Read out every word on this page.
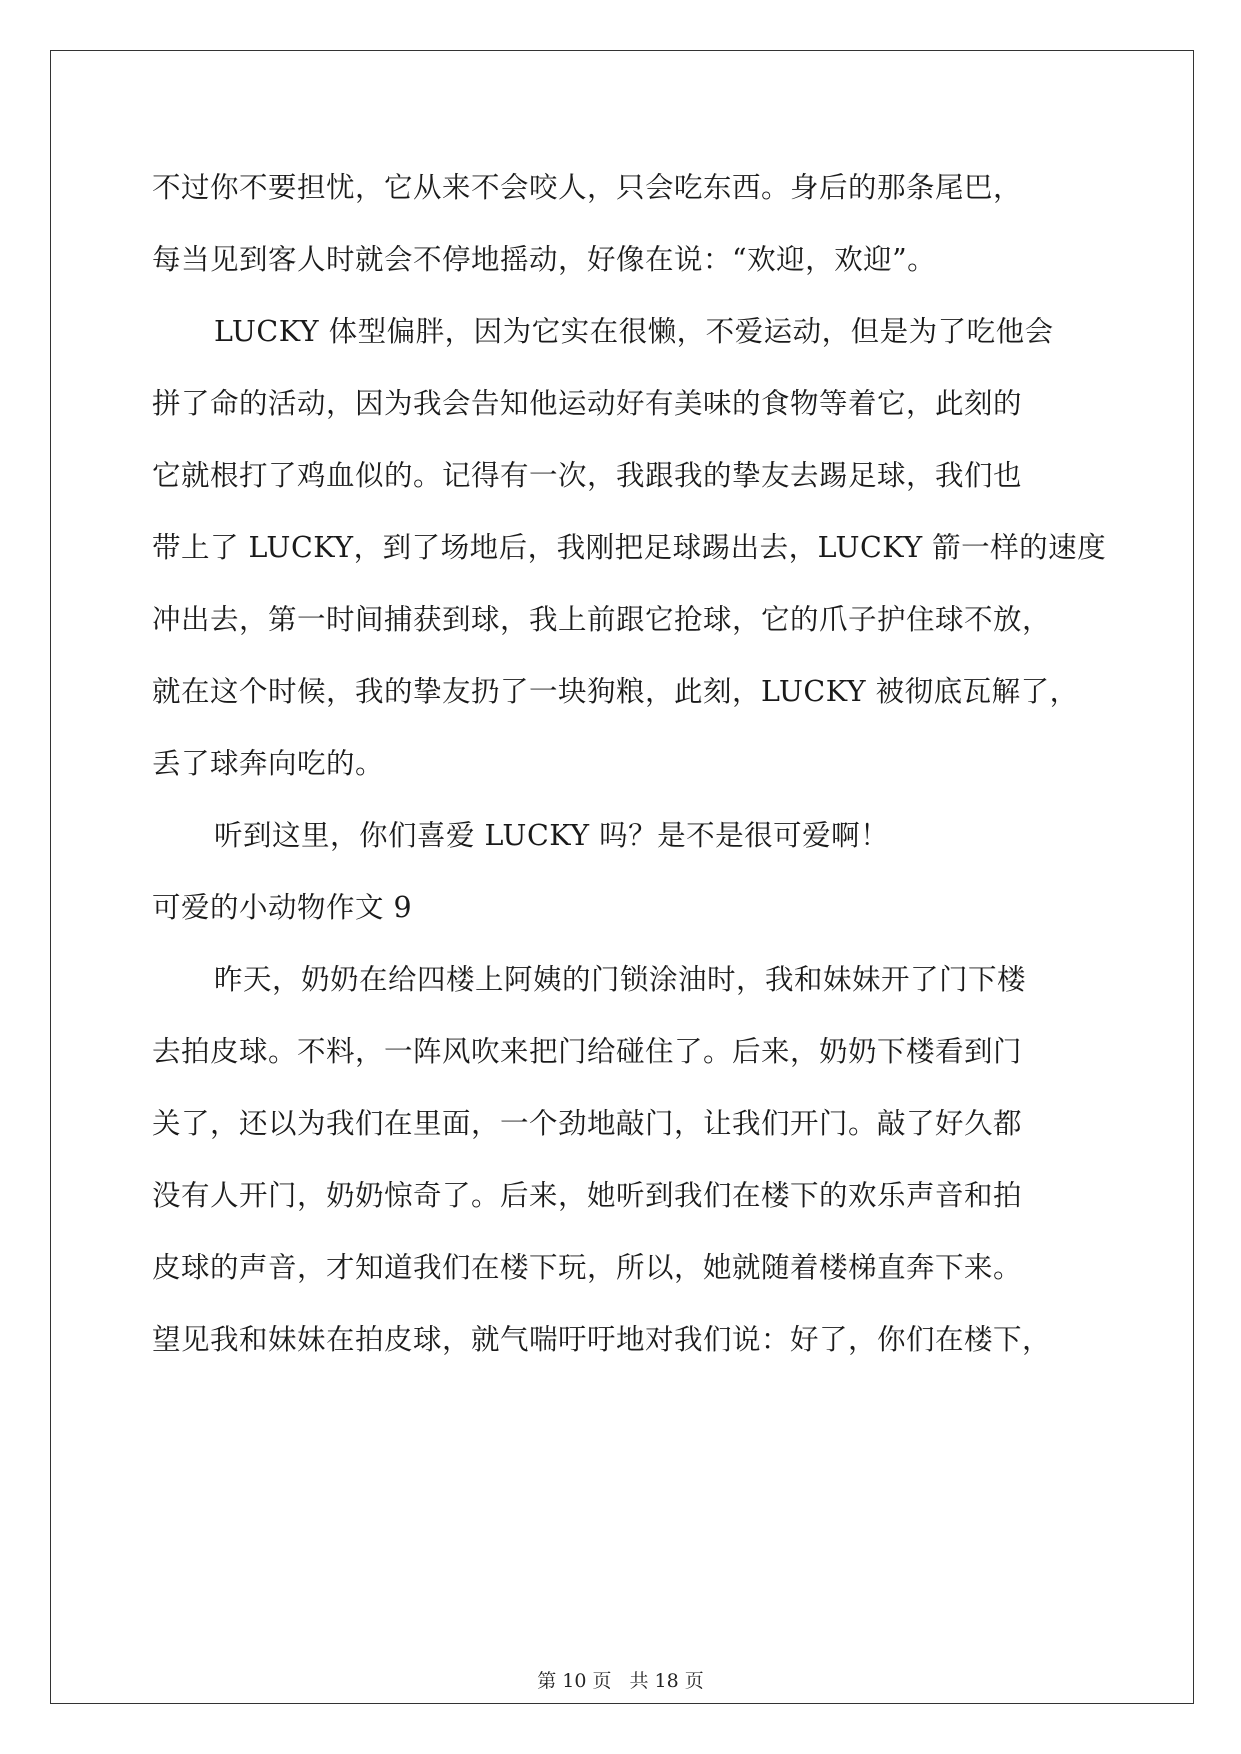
不过你不要担忧，它从来不会咬人，只会吃东西。身后的那条尾巴，
每当见到客人时就会不停地摇动，好像在说：“欢迎，欢迎”。
LUCKY 体型偏胖，因为它实在很懒，不爱运动，但是为了吃他会
拼了命的活动，因为我会告知他运动好有美味的食物等着它，此刻的
它就根打了鸡血似的。记得有一次，我跟我的挚友去踢足球，我们也
带上了 LUCKY，到了场地后，我刚把足球踢出去，LUCKY 箭一样的速度
冲出去，第一时间捕获到球，我上前跟它抢球，它的爪子护住球不放，
就在这个时候，我的挚友扔了一块狗粮，此刻，LUCKY 被彻底瓦解了，
丢了球奔向吃的。
听到这里，你们喜爱 LUCKY 吗？是不是很可爱啊！
可爱的小动物作文 9
昨天，奶奶在给四楼上阿姨的门锁涂油时，我和妹妹开了门下楼
去拍皮球。不料，一阵风吹来把门给碰住了。后来，奶奶下楼看到门
关了，还以为我们在里面，一个劲地敲门，让我们开门。敲了好久都
没有人开门，奶奶惊奇了。后来，她听到我们在楼下的欢乐声音和拍
皮球的声音，才知道我们在楼下玩，所以，她就随着楼梯直奔下来。
望见我和妹妹在拍皮球，就气喘吁吁地对我们说：好了，你们在楼下，
第 10 页 共 18 页
